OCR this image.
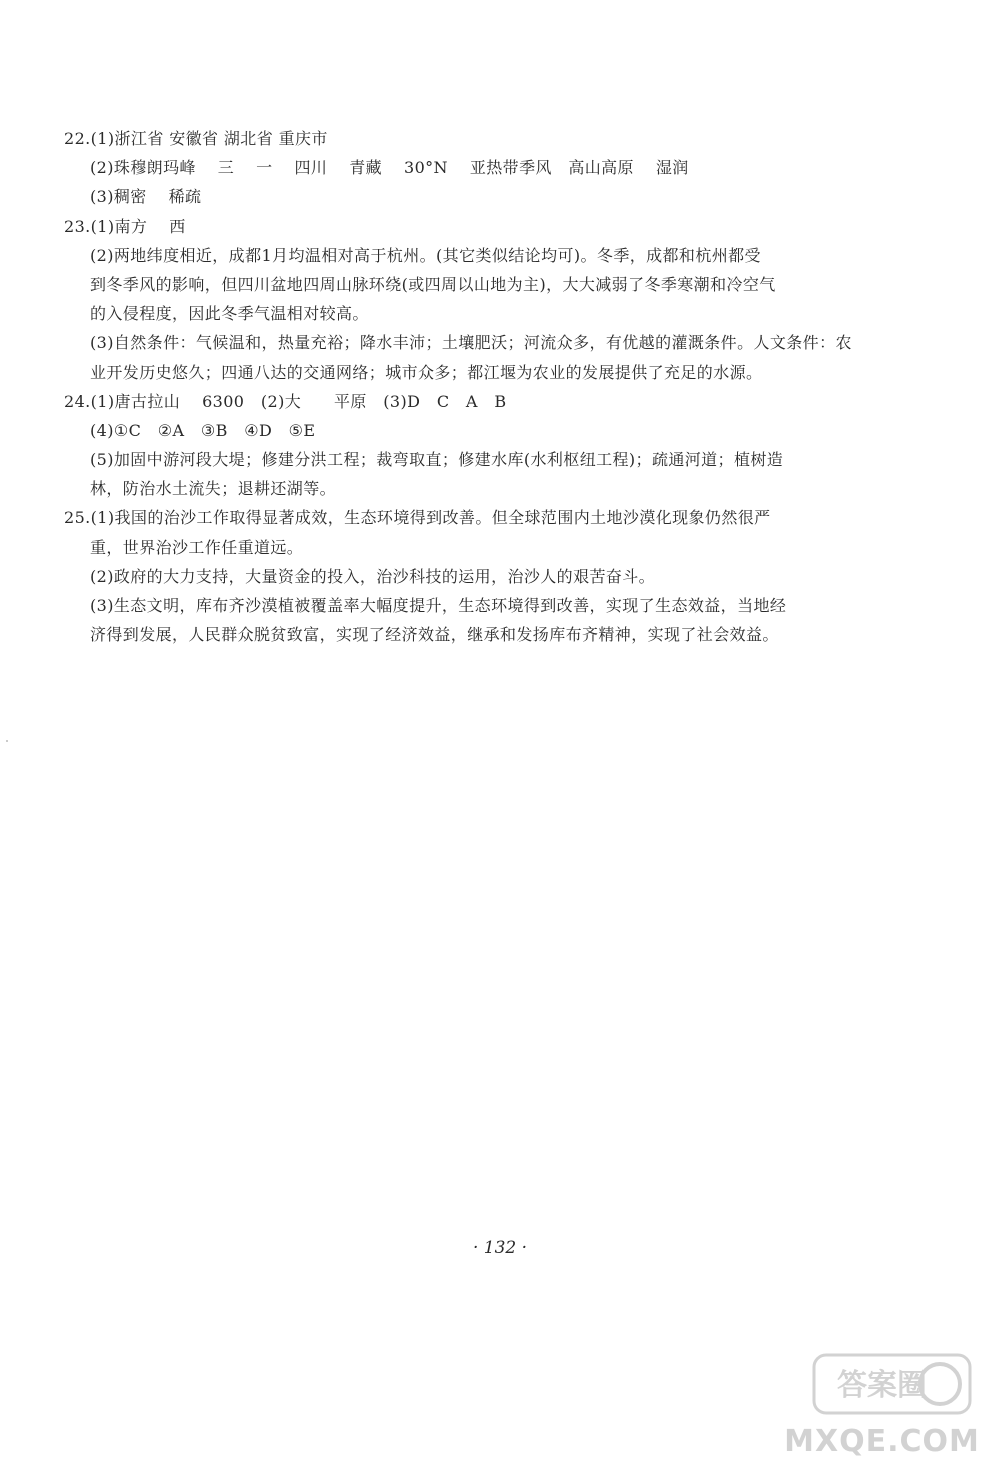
22.(1)浙江省 安徽省 湖北省 重庆市
(2)珠穆朗玛峰    三    一    四川    青藏    30°N    亚热带季风   高山高原    湿润
(3)稠密    稀疏
23.(1)南方    西
(2)两地纬度相近，成都1月均温相对高于杭州。(其它类似结论均可)。冬季，成都和杭州都受
到冬季风的影响，但四川盆地四周山脉环绕(或四周以山地为主)，大大减弱了冬季寒潮和冷空气
的入侵程度，因此冬季气温相对较高。
(3)自然条件：气候温和，热量充裕；降水丰沛；土壤肥沃；河流众多，有优越的灌溉条件。人文条件：农
业开发历史悠久；四通八达的交通网络；城市众多；都江堰为农业的发展提供了充足的水源。
24.(1)唐古拉山    6300   (2)大      平原   (3)D   C   A   B
(4)①C   ②A   ③B   ④D   ⑤E
(5)加固中游河段大堤；修建分洪工程；裁弯取直；修建水库(水利枢纽工程)；疏通河道；植树造
林，防治水土流失；退耕还湖等。
25.(1)我国的治沙工作取得显著成效，生态环境得到改善。但全球范围内土地沙漠化现象仍然很严
重，世界治沙工作任重道远。
(2)政府的大力支持，大量资金的投入，治沙科技的运用，治沙人的艰苦奋斗。
(3)生态文明，库布齐沙漠植被覆盖率大幅度提升，生态环境得到改善，实现了生态效益，当地经
济得到发展，人民群众脱贫致富，实现了经济效益，继承和发扬库布齐精神，实现了社会效益。
· 132 ·
答案圈
MXQE.COM
